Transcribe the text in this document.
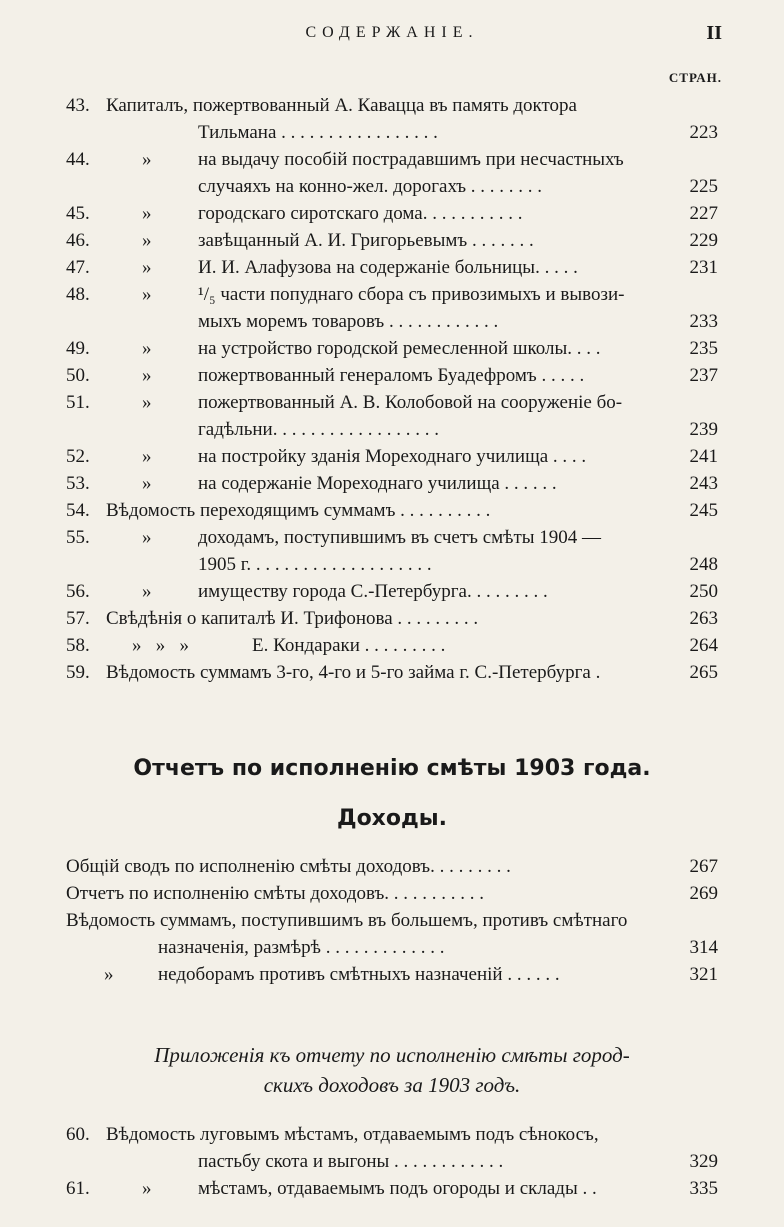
СОДЕРЖАНІЕ.	II
СТРАН.
43. Капиталъ, пожертвованный А. Кавацца въ память доктора
Тильмана . . . . . . . . . . . . . . . . .	223
44.	» на выдачу пособій пострадавшимъ при несчастныхъ
случаяхъ на конно-жел. дорогахъ . . . . . . . .	225
45.	» городскаго сиротскаго дома. . . . . . . . . . .	227
46.	» завѣщанный А. И. Григорьевымъ . . . . . . .	229
47.	» И. И. Алафузова на содержаніе больницы. . . . .	231
48.	» ¹/₅ части попуднаго сбора съ привозимыхъ и вывози-
мыхъ моремъ товаровъ . . . . . . . . . . . .	233
49.	» на устройство городской ремесленной школы. . . .	235
50.	» пожертвованный генераломъ Буадефромъ . . . . .	237
51.	» пожертвованный А. В. Колобовой на сооруженіе бо-
гадѣльни. . . . . . . . . . . . . . . . . .	239
52.	» на постройку зданія Мореходнаго училища . . . .	241
53.	» на содержаніе Мореходнаго училища . . . . . .	243
54. Вѣдомость переходящимъ суммамъ . . . . . . . . . .	245
55.	» доходамъ, поступившимъ въ счетъ смѣты 1904 —
1905 г. . . . . . . . . . . . . . . . . . . .	248
56.	» имуществу города С.-Петербурга. . . . . . . . .	250
57. Свѣдѣнія о капиталѣ И. Трифонова . . . . . . . . .	263
58.	»   »   »	Е. Кондараки . . . . . . . . .	264
59. Вѣдомость суммамъ 3-го, 4-го и 5-го займа г. С.-Петербурга .	265
Отчетъ по исполненію смѣты 1903 года.
Доходы.
Общій сводъ по исполненію смѣты доходовъ. . . . . . . . .	267
Отчетъ по исполненію смѣты доходовъ. . . . . . . . . . .	269
Вѣдомость суммамъ, поступившимъ въ большемъ, противъ смѣтнаго
назначенія, размѣрѣ . . . . . . . . . . . . .	314
» недоборамъ противъ смѣтныхъ назначеній . . . . . .	321
Приложенія къ отчету по исполненію смѣты город-
скихъ доходовъ за 1903 годъ.
60. Вѣдомость луговымъ мѣстамъ, отдаваемымъ подъ сѣнокосъ,
пастьбу скота и выгоны . . . . . . . . . . . .	329
61.	» мѣстамъ, отдаваемымъ подъ огороды и склады . .	335
